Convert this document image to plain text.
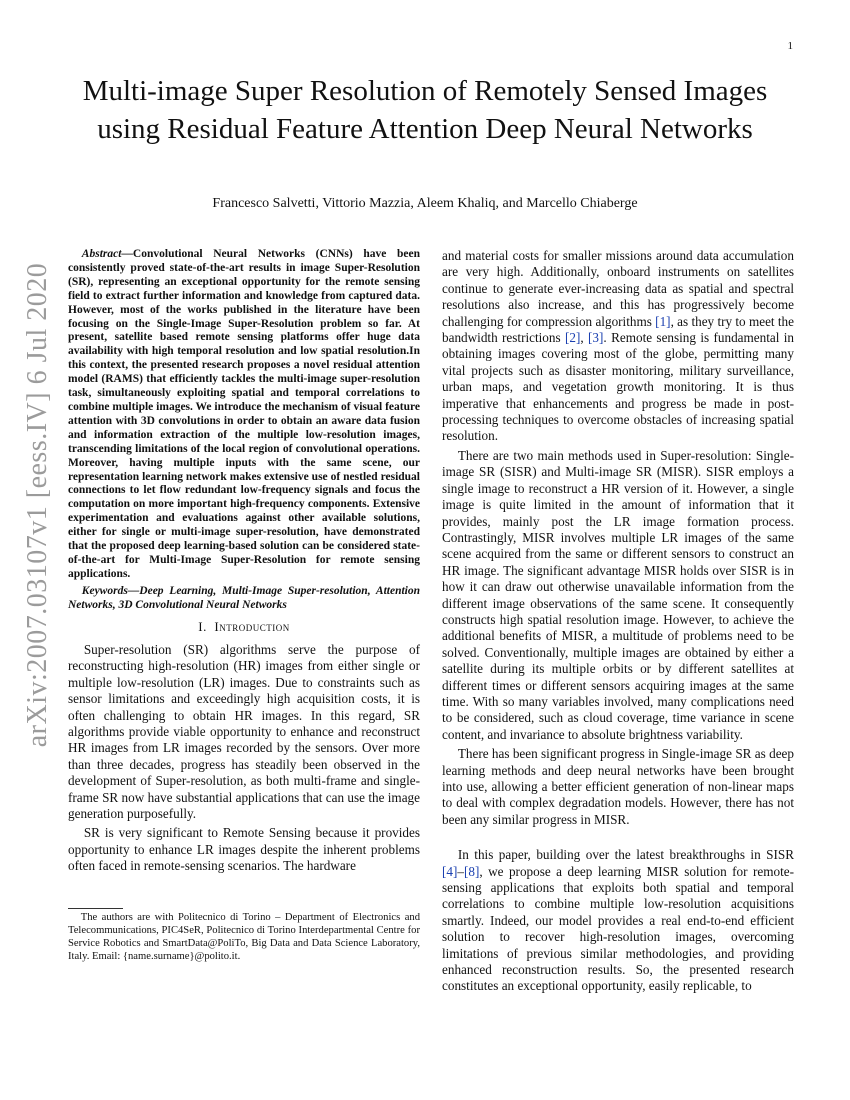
1
arXiv:2007.03107v1 [eess.IV] 6 Jul 2020
Multi-image Super Resolution of Remotely Sensed Images using Residual Feature Attention Deep Neural Networks
Francesco Salvetti, Vittorio Mazzia, Aleem Khaliq, and Marcello Chiaberge

Abstract—Convolutional Neural Networks (CNNs) have been consistently proved state-of-the-art results in image Super-Resolution (SR), representing an exceptional opportunity for the remote sensing field to extract further information and knowledge from captured data. However, most of the works published in the literature have been focusing on the Single-Image Super-Resolution problem so far. At present, satellite based remote sensing platforms offer huge data availability with high temporal resolution and low spatial resolution.In this context, the presented research proposes a novel residual attention model (RAMS) that efficiently tackles the multi-image super-resolution task, simultaneously exploiting spatial and temporal correlations to combine multiple images. We introduce the mechanism of visual feature attention with 3D convolutions in order to obtain an aware data fusion and information extraction of the multiple low-resolution images, transcending limitations of the local region of convolutional operations. Moreover, having multiple inputs with the same scene, our representation learning network makes extensive use of nestled residual connections to let flow redundant low-frequency signals and focus the computation on more important high-frequency components. Extensive experimentation and evaluations against other available solutions, either for single or multi-image super-resolution, have demonstrated that the proposed deep learning-based solution can be considered state-of-the-art for Multi-Image Super-Resolution for remote sensing applications.

Keywords—Deep Learning, Multi-Image Super-resolution, Attention Networks, 3D Convolutional Neural Networks

I. Introduction

Super-resolution (SR) algorithms serve the purpose of reconstructing high-resolution (HR) images from either single or multiple low-resolution (LR) images. Due to constraints such as sensor limitations and exceedingly high acquisition costs, it is often challenging to obtain HR images. In this regard, SR algorithms provide viable opportunity to enhance and reconstruct HR images from LR images recorded by the sensors. Over more than three decades, progress has steadily been observed in the development of Super-resolution, as both multi-frame and single-frame SR now have substantial applications that can use the image generation purposefully.

SR is very significant to Remote Sensing because it provides opportunity to enhance LR images despite the inherent problems often faced in remote-sensing scenarios. The hardware

and material costs for smaller missions around data accumulation are very high. Additionally, onboard instruments on satellites continue to generate ever-increasing data as spatial and spectral resolutions also increase, and this has progressively become challenging for compression algorithms [1], as they try to meet the bandwidth restrictions [2], [3]. Remote sensing is fundamental in obtaining images covering most of the globe, permitting many vital projects such as disaster monitoring, military surveillance, urban maps, and vegetation growth monitoring. It is thus imperative that enhancements and progress be made in post-processing techniques to overcome obstacles of increasing spatial resolution.

There are two main methods used in Super-resolution: Single-image SR (SISR) and Multi-image SR (MISR). SISR employs a single image to reconstruct a HR version of it. However, a single image is quite limited in the amount of information that it provides, mainly post the LR image formation process. Contrastingly, MISR involves multiple LR images of the same scene acquired from the same or different sensors to construct an HR image. The significant advantage MISR holds over SISR is in how it can draw out otherwise unavailable information from the different image observations of the same scene. It consequently constructs high spatial resolution image. However, to achieve the additional benefits of MISR, a multitude of problems need to be solved. Conventionally, multiple images are obtained by either a satellite during its multiple orbits or by different satellites at different times or different sensors acquiring images at the same time. With so many variables involved, many complications need to be considered, such as cloud coverage, time variance in scene content, and invariance to absolute brightness variability.

There has been significant progress in Single-image SR as deep learning methods and deep neural networks have been brought into use, allowing a better efficient generation of non-linear maps to deal with complex degradation models. However, there has not been any similar progress in MISR.

In this paper, building over the latest breakthroughs in SISR [4]–[8], we propose a deep learning MISR solution for remote-sensing applications that exploits both spatial and temporal correlations to combine multiple low-resolution acquisitions smartly. Indeed, our model provides a real end-to-end efficient solution to recover high-resolution images, overcoming limitations of previous similar methodologies, and providing enhanced reconstruction results. So, the presented research constitutes an exceptional opportunity, easily replicable, to

The authors are with Politecnico di Torino – Department of Electronics and Telecommunications, PIC4SeR, Politecnico di Torino Interdepartmental Centre for Service Robotics and SmartData@PoliTo, Big Data and Data Science Laboratory, Italy. Email: {name.surname}@polito.it.
